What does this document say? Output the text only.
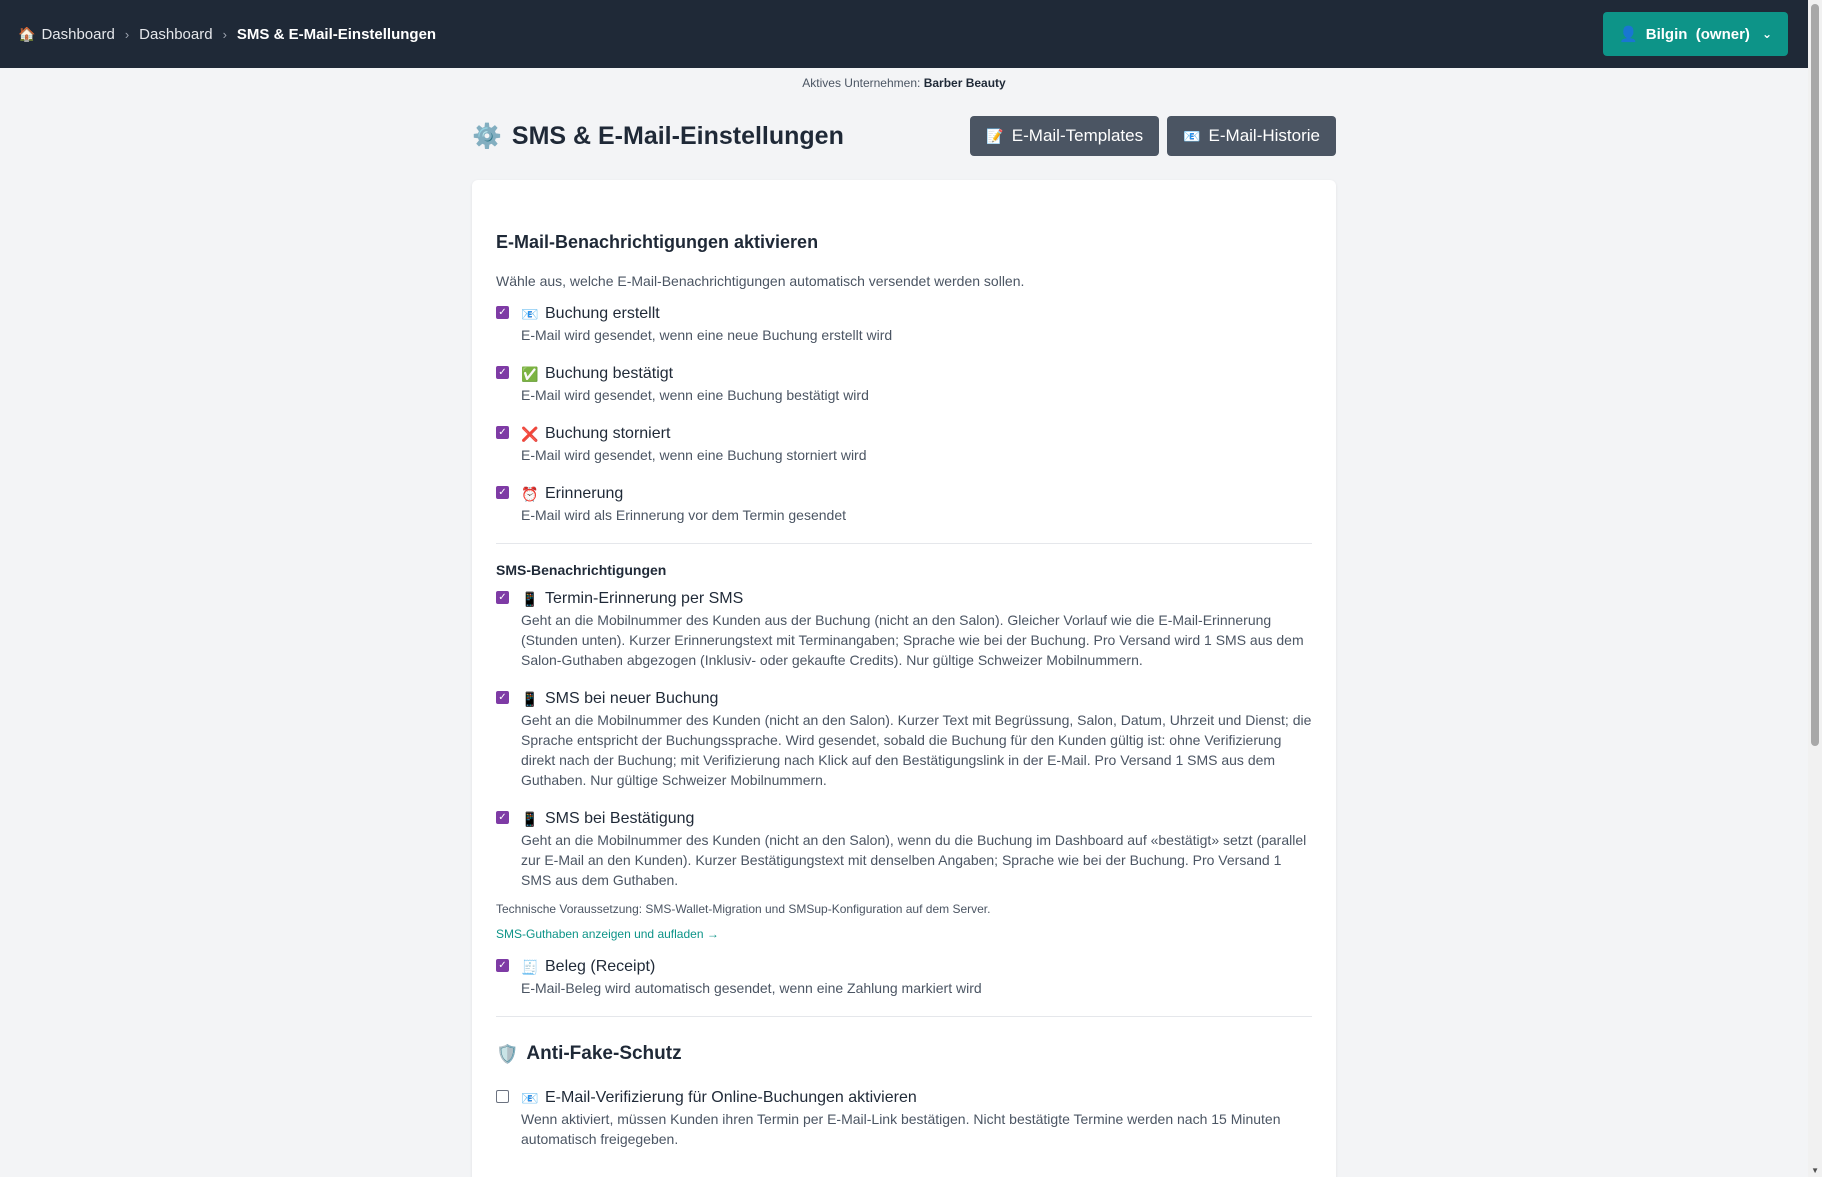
🏠 Dashboard › Dashboard › SMS & E-Mail-Einstellungen	👤 Bilgin  (owner) ⌄
▼
Aktives Unternehmen: Barber Beauty
⚙️ SMS & E-Mail-Einstellungen	📝 E-Mail-Templates	📧 E-Mail-Historie
E-Mail-Benachrichtigungen aktivieren
Wähle aus, welche E-Mail-Benachrichtigungen automatisch versendet werden sollen.
✓ 📧 Buchung erstellt
E-Mail wird gesendet, wenn eine neue Buchung erstellt wird
✓ ✅ Buchung bestätigt
E-Mail wird gesendet, wenn eine Buchung bestätigt wird
✓ ❌ Buchung storniert
E-Mail wird gesendet, wenn eine Buchung storniert wird
✓ ⏰ Erinnerung
E-Mail wird als Erinnerung vor dem Termin gesendet
SMS-Benachrichtigungen
✓ 📱 Termin-Erinnerung per SMS
Geht an die Mobilnummer des Kunden aus der Buchung (nicht an den Salon). Gleicher Vorlauf wie die E-Mail-Erinnerung (Stunden unten). Kurzer Erinnerungstext mit Terminangaben; Sprache wie bei der Buchung. Pro Versand wird 1 SMS aus dem Salon-Guthaben abgezogen (Inklusiv- oder gekaufte Credits). Nur gültige Schweizer Mobilnummern.
✓ 📱 SMS bei neuer Buchung
Geht an die Mobilnummer des Kunden (nicht an den Salon). Kurzer Text mit Begrüssung, Salon, Datum, Uhrzeit und Dienst; die Sprache entspricht der Buchungssprache. Wird gesendet, sobald die Buchung für den Kunden gültig ist: ohne Verifizierung direkt nach der Buchung; mit Verifizierung nach Klick auf den Bestätigungslink in der E-Mail. Pro Versand 1 SMS aus dem Guthaben. Nur gültige Schweizer Mobilnummern.
✓ 📱 SMS bei Bestätigung
Geht an die Mobilnummer des Kunden (nicht an den Salon), wenn du die Buchung im Dashboard auf «bestätigt» setzt (parallel zur E-Mail an den Kunden). Kurzer Bestätigungstext mit denselben Angaben; Sprache wie bei der Buchung. Pro Versand 1 SMS aus dem Guthaben.
Technische Voraussetzung: SMS-Wallet-Migration und SMSup-Konfiguration auf dem Server.
SMS-Guthaben anzeigen und aufladen →
✓ 🧾 Beleg (Receipt)
E-Mail-Beleg wird automatisch gesendet, wenn eine Zahlung markiert wird
🛡️ Anti-Fake-Schutz
📧 E-Mail-Verifizierung für Online-Buchungen aktivieren
Wenn aktiviert, müssen Kunden ihren Termin per E-Mail-Link bestätigen. Nicht bestätigte Termine werden nach 15 Minuten automatisch freigegeben.
